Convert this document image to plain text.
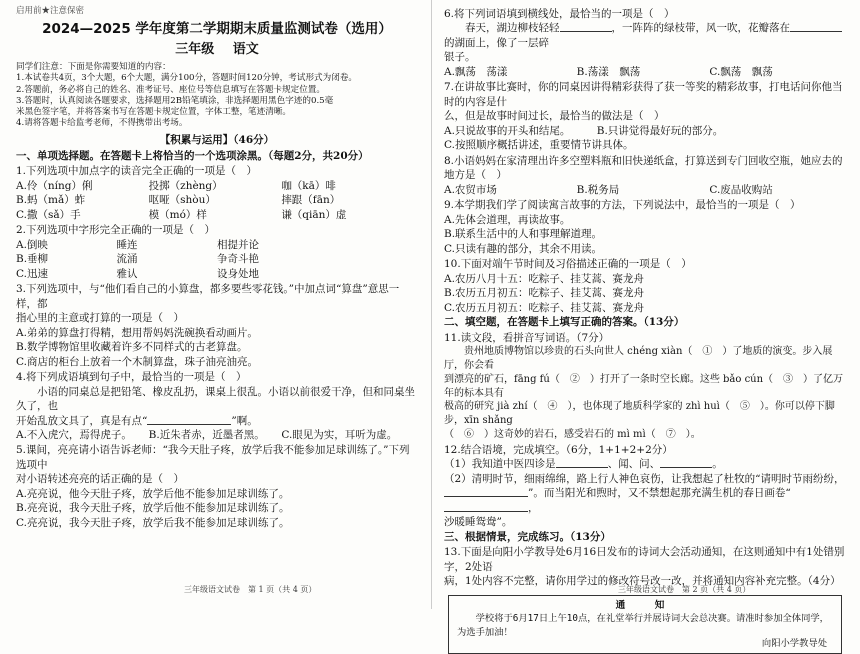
启用前★注意保密
2024—2025 学年度第二学期期末质量监测试卷（选用）
三年级 语文
同学们注意：下面是你需要知道的内容：
1.本试卷共4页，3个大题，6个大题，满分100分，答题时间120分钟，考试形式为闭卷。
2.答题前，务必将自己的姓名、准考证号、座位号等信息填写在答题卡规定位置。
3.答题时，认真阅读各题要求，选择题用2B铅笔填涂，非选择题用黑色字迹的0.5毫
米黑色签字笔，并将答案书写在答题卡规定位置，字体工整，笔迹清晰。
4.请将答题卡给监考老师，不得携带出考场。
【积累与运用】（46分）
一、单项选择题。在答题卡上将恰当的一个选项涂黑。（每题2分，共20分）
1.下列选项中加点字的读音完全正确的一项是（　）
A.伶（níng）俐	投掷（zhèng）	咖（kā）啡
B.蚂（mǎ）蚱	呕哑（shòu）	摔跟（fān）
C.撒（sǎ）手	模（mó）样	谦（qiān）虚
2.下列选项中字形完全正确的一项是（　）
A.倒映	睡连	相提并论
B.垂柳	流涌	争奇斗艳
C.迅速	雅认	设身处地
3.下列选项中，与“他们看自己的小算盘，都多要些零花钱。”中加点词“算盘”意思一样，都
指心里的主意或打算的一项是（　）
A.弟弟的算盘打得精，想用帮妈妈洗碗换看动画片。
B.数学博物馆里收藏着许多不同样式的古老算盘。
C.商店的柜台上放着一个木制算盘，珠子油亮油亮。
4.将下列成语填到句子中，最恰当的一项是（　）
小语的同桌总是把铅笔、橡皮乱扔，课桌上很乱。小语以前很爱干净，但和同桌坐久了，也
开始乱放文具了，真是有点“	”啊。
A.不入虎穴，焉得虎子。	B.近朱者赤，近墨者黑。	C.眼见为实，耳听为虚。
5.课间，亮亮请小语告诉老师：“我今天肚子疼，放学后我不能参加足球训练了。”下列选项中
对小语转述亮亮的话正确的是（　）
A.亮亮说，他今天肚子疼，放学后他不能参加足球训练了。
B.亮亮说，我今天肚子疼，放学后他不能参加足球训练了。
C.亮亮说，我今天肚子疼，放学后我不能参加足球训练了。
6.将下列词语填到横线处，最恰当的一项是（　）
春天，湖边柳枝轻轻	，一阵阵的绿枝带，风一吹，花瓣落在的湖面上，像了一层碎
银子。
A.飘荡　荡漾	B.荡漾　飘荡	C.飘荡　飘荡
7.在讲故事比赛时，你的同桌因讲得精彩获得了获一等奖的精彩故事，打电话问你他当时的内容是什
么，但是故事时间过长，最恰当的做法是（　）
A.只说故事的开头和结尾。	B.只讲觉得最好玩的部分。
C.按照顺序概括讲述，重要情节讲具体。
8.小语妈妈在家清理出许多空塑料瓶和旧快递纸盒，打算送到专门回收空瓶，她应去的地方是（　）
A.农贸市场	B.税务局	C.废品收购站
9.本学期我们学了阅读寓言故事的方法，下列说法中，最恰当的一项是（　）
A.先体会道理，再读故事。
B.联系生活中的人和事理解道理。
C.只读有趣的部分，其余不用读。
10.下面对端午节时间及习俗描述正确的一项是（　）
A.农历八月十五：吃粽子、挂艾蒿、赛龙舟
B.农历五月初五：吃粽子、挂艾蒿、赛龙舟
C.农历五月初五：吃粽子、挂艾蒿、赛龙舟
二、填空题，在答题卡上填写正确的答案。（13分）
11.读文段，看拼音写词语。（7分）
贵州地质博物馆以珍贵的石头向世人 chéng xiàn（　①　）了地质的演变。步入展厅，你会看
到漂亮的矿石，fāng fú（　②　）打开了一条时空长廊。这些 bǎo cún（　③　）了亿万年的标本具有
极高的研究 jià zhí（　④　），也体现了地质科学家的 zhì huì（　⑤　）。你可以停下脚步，xīn shǎng
（　⑥　）这奇妙的岩石，感受岩石的 mì mì（　⑦　）。
12.结合语境，完成填空。（6分，1+1+2+2分）
（1）我知道中医四诊是	、闻、问、	。
（2）清明时节，细雨绵绵，路上行人神色哀伤，让我想起了杜牧的“请明时节雨纷纷，
”。而当阳光和煦时，又不禁想起那充满生机的春日画卷“，
沙暖睡鸳鸯”。
三、根据情景，完成练习。（13分）
13.下面是向阳小学教导处6月16日发布的诗词大会活动通知，在这则通知中有1处错别字，2处语
病，1处内容不完整，请你用学过的修改符号改一改，并将通知内容补充完整。（4分）
通　知
学校将于6月17日上午10点，在礼堂举行并展诗词大会总决赛。请准时参加全体同学，
为选手加油！
向阳小学教导处
三年级语文试卷　第 1 页（共 4 页）	三年级语文试卷　第 2 页（共 4 页）
